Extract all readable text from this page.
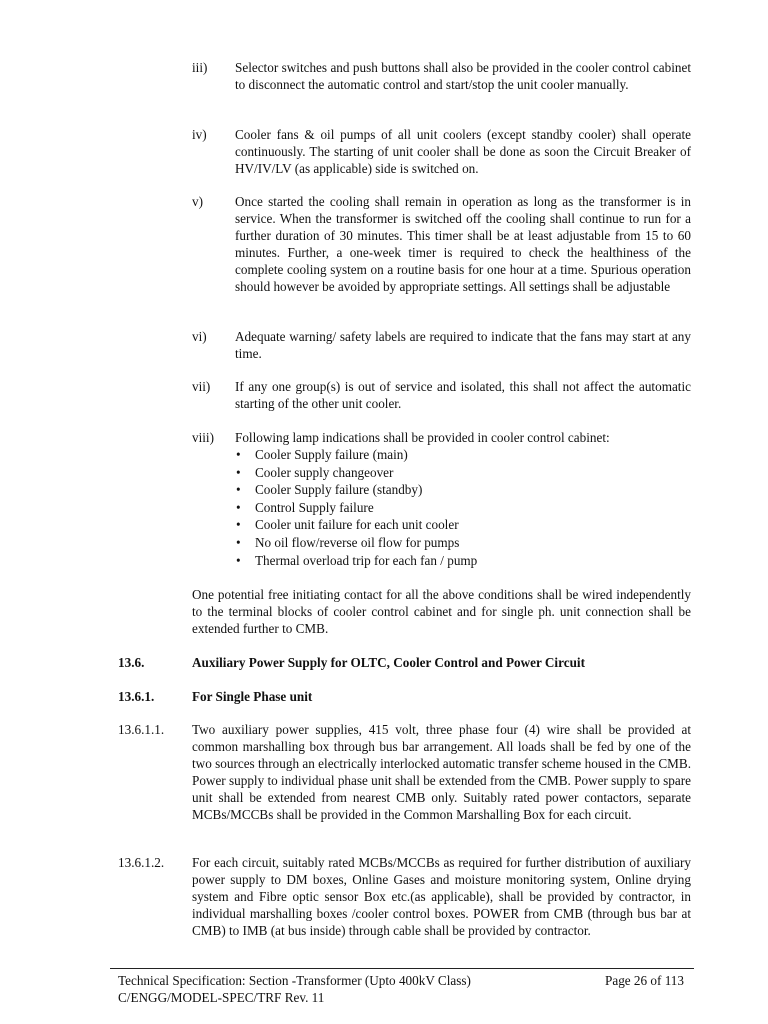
iii) Selector switches and push buttons shall also be provided in the cooler control cabinet to disconnect the automatic control and start/stop the unit cooler manually.
iv) Cooler fans & oil pumps of all unit coolers (except standby cooler) shall operate continuously. The starting of unit cooler shall be done as soon the Circuit Breaker of HV/IV/LV (as applicable) side is switched on.
v) Once started the cooling shall remain in operation as long as the transformer is in service. When the transformer is switched off the cooling shall continue to run for a further duration of 30 minutes. This timer shall be at least adjustable from 15 to 60 minutes. Further, a one-week timer is required to check the healthiness of the complete cooling system on a routine basis for one hour at a time. Spurious operation should however be avoided by appropriate settings. All settings shall be adjustable
vi) Adequate warning/ safety labels are required to indicate that the fans may start at any time.
vii) If any one group(s) is out of service and isolated, this shall not affect the automatic starting of the other unit cooler.
viii) Following lamp indications shall be provided in cooler control cabinet:
• Cooler Supply failure (main)
• Cooler supply changeover
• Cooler Supply failure (standby)
• Control Supply failure
• Cooler unit failure for each unit cooler
• No oil flow/reverse oil flow for pumps
• Thermal overload trip for each fan / pump
One potential free initiating contact for all the above conditions shall be wired independently to the terminal blocks of cooler control cabinet and for single ph. unit connection shall be extended further to CMB.
13.6.	Auxiliary Power Supply for OLTC, Cooler Control and Power Circuit
13.6.1.	For Single Phase unit
13.6.1.1. Two auxiliary power supplies, 415 volt, three phase four (4) wire shall be provided at common marshalling box through bus bar arrangement. All loads shall be fed by one of the two sources through an electrically interlocked automatic transfer scheme housed in the CMB. Power supply to individual phase unit shall be extended from the CMB. Power supply to spare unit shall be extended from nearest CMB only. Suitably rated power contactors, separate MCBs/MCCBs shall be provided in the Common Marshalling Box for each circuit.
13.6.1.2. For each circuit, suitably rated MCBs/MCCBs as required for further distribution of auxiliary power supply to DM boxes, Online Gases and moisture monitoring system, Online drying system and Fibre optic sensor Box etc.(as applicable), shall be provided by contractor, in individual marshalling boxes /cooler control boxes. POWER from CMB (through bus bar at CMB) to IMB (at bus inside) through cable shall be provided by contractor.
Technical Specification: Section -Transformer (Upto 400kV Class)	Page 26 of 113
C/ENGG/MODEL-SPEC/TRF Rev. 11
